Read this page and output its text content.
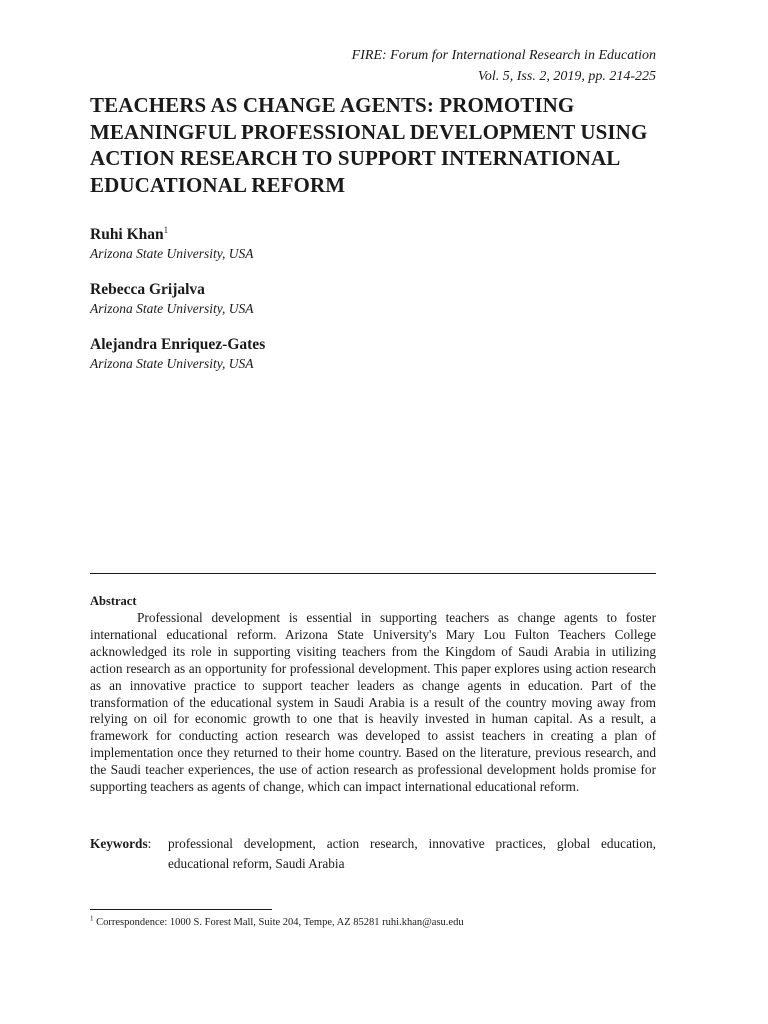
FIRE: Forum for International Research in Education
Vol. 5, Iss. 2, 2019, pp. 214-225
TEACHERS AS CHANGE AGENTS: PROMOTING MEANINGFUL PROFESSIONAL DEVELOPMENT USING ACTION RESEARCH TO SUPPORT INTERNATIONAL EDUCATIONAL REFORM
Ruhi Khan$^1$
Arizona State University, USA
Rebecca Grijalva
Arizona State University, USA
Alejandra Enriquez-Gates
Arizona State University, USA
Abstract

Professional development is essential in supporting teachers as change agents to foster international educational reform. Arizona State University's Mary Lou Fulton Teachers College acknowledged its role in supporting visiting teachers from the Kingdom of Saudi Arabia in utilizing action research as an opportunity for professional development. This paper explores using action research as an innovative practice to support teacher leaders as change agents in education. Part of the transformation of the educational system in Saudi Arabia is a result of the country moving away from relying on oil for economic growth to one that is heavily invested in human capital. As a result, a framework for conducting action research was developed to assist teachers in creating a plan of implementation once they returned to their home country. Based on the literature, previous research, and the Saudi teacher experiences, the use of action research as professional development holds promise for supporting teachers as agents of change, which can impact international educational reform.

Keywords:	professional development, action research, innovative practices, global education, educational reform, Saudi Arabia
$^1$ Correspondence: 1000 S. Forest Mall, Suite 204, Tempe, AZ 85281 ruhi.khan@asu.edu
